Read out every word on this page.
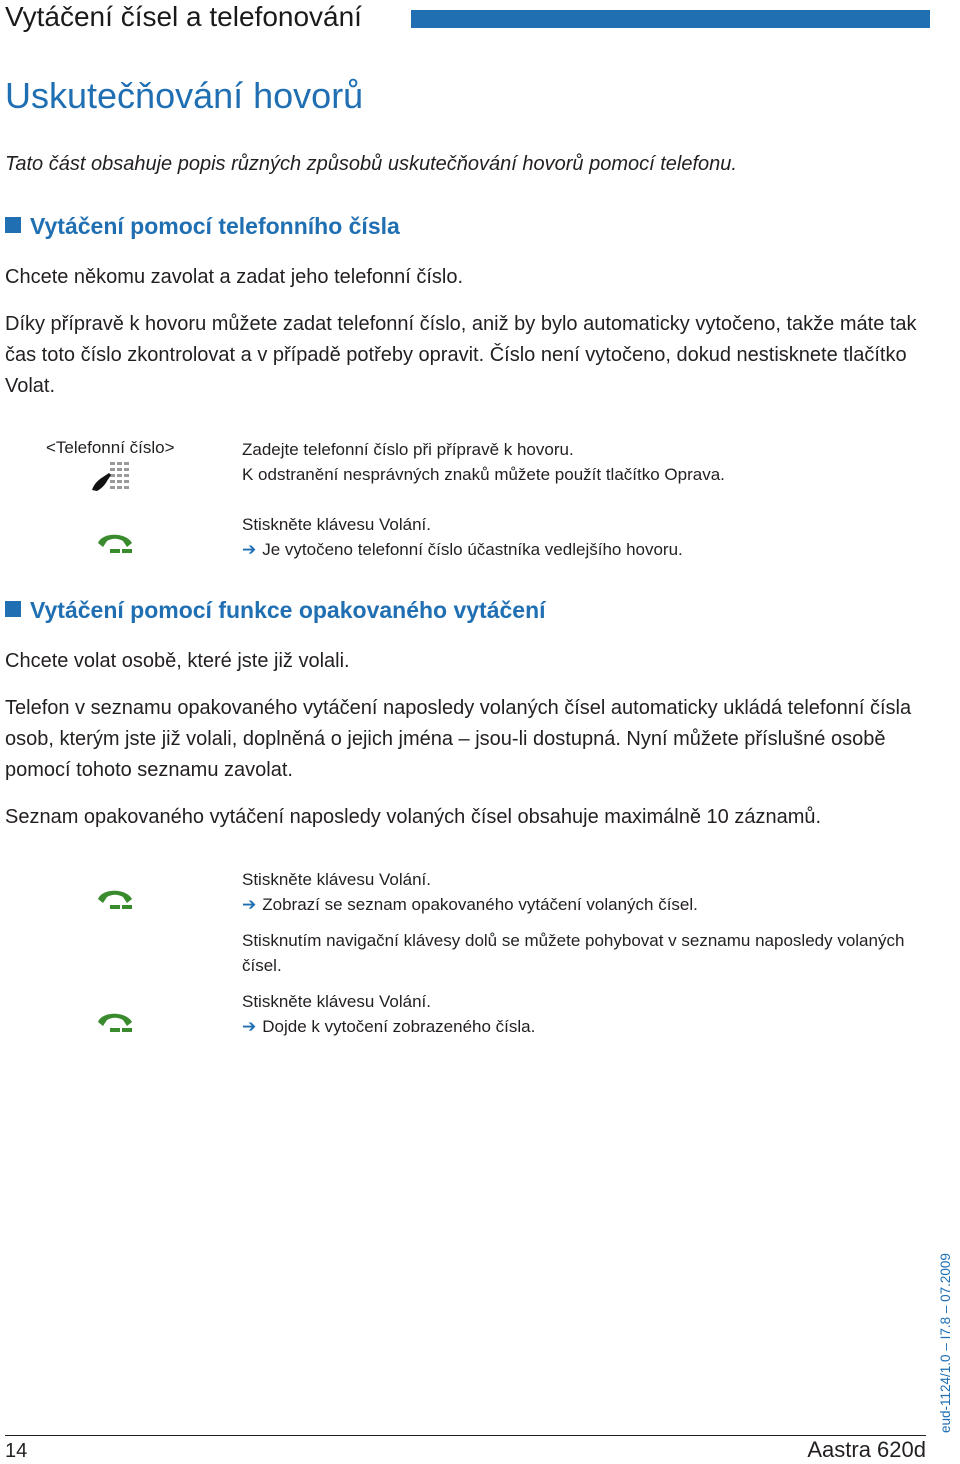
Vytáčení čísel a telefonování
Uskutečňování hovorů
Tato část obsahuje popis různých způsobů uskutečňování hovorů pomocí telefonu.
Vytáčení pomocí telefonního čísla
Chcete někomu zavolat a zadat jeho telefonní číslo.
Díky přípravě k hovoru můžete zadat telefonní číslo, aniž by bylo automaticky vytočeno, takže máte tak čas toto číslo zkontrolovat a v případě potřeby opravit. Číslo není vytočeno, dokud nestisknete tlačítko Volat.
<Telefonní číslo>	Zadejte telefonní číslo při přípravě k hovoru.
K odstranění nesprávných znaků můžete použít tlačítko Oprava.
Stiskněte klávesu Volání.
➔ Je vytočeno telefonní číslo účastníka vedlejšího hovoru.
Vytáčení pomocí funkce opakovaného vytáčení
Chcete volat osobě, které jste již volali.
Telefon v seznamu opakovaného vytáčení naposledy volaných čísel automaticky ukládá telefonní čísla osob, kterým jste již volali, doplněná o jejich jména – jsou-li dostupná. Nyní můžete příslušné osobě pomocí tohoto seznamu zavolat.
Seznam opakovaného vytáčení naposledy volaných čísel obsahuje maximálně 10 záznamů.
Stiskněte klávesu Volání.
➔ Zobrazí se seznam opakovaného vytáčení volaných čísel.
Stisknutím navigační klávesy dolů se můžete pohybovat v seznamu naposledy volaných čísel.
Stiskněte klávesu Volání.
➔ Dojde k vytočení zobrazeného čísla.
14	Aastra 620d
eud-1124/1.0 – I7.8 – 07.2009
